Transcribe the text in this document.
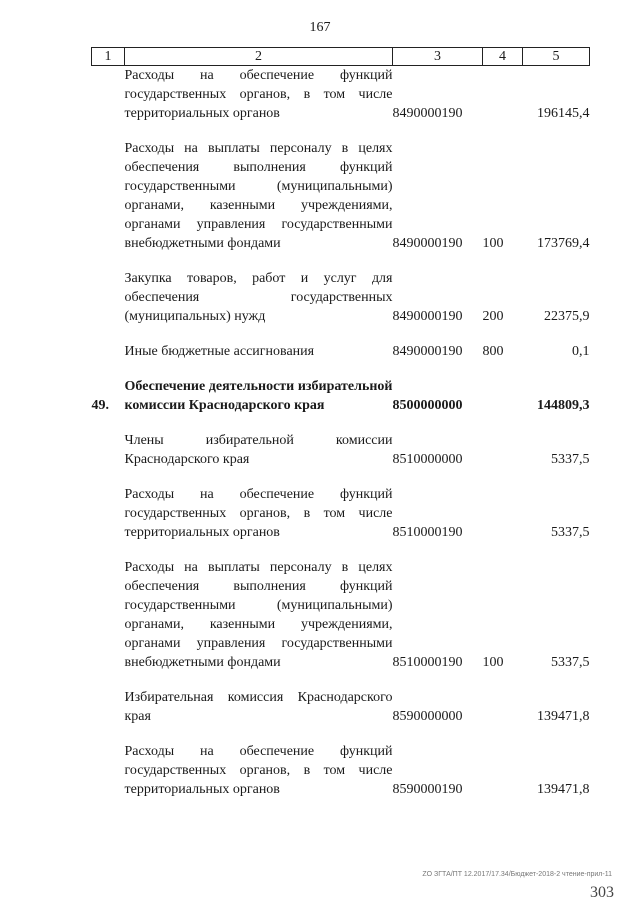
167
1	2	3	4	5
	Расходы на обеспечение функций государственных органов, в том числе территориальных органов	8490000190		196145,4

	Расходы на выплаты персоналу в целях обеспечения выполнения функций государственными (муниципальными) органами, казенными учреждениями, органами управления государственными внебюджетными фондами	8490000190	100	173769,4

	Закупка товаров, работ и услуг для обеспечения государственных (муниципальных) нужд	8490000190	200	22375,9

	Иные бюджетные ассигнования	8490000190	800	0,1

49.	Обеспечение деятельности избирательной комиссии Краснодарского края	8500000000		144809,3

	Члены избирательной комиссии Краснодарского края	8510000000		5337,5

	Расходы на обеспечение функций государственных органов, в том числе территориальных органов	8510000190		5337,5

	Расходы на выплаты персоналу в целях обеспечения выполнения функций государственными (муниципальными) органами, казенными учреждениями, органами управления государственными внебюджетными фондами	8510000190	100	5337,5

	Избирательная комиссия Краснодарского края	8590000000		139471,8

	Расходы на обеспечение функций государственных органов, в том числе территориальных органов	8590000190		139471,8
ZO ЗГТА/ПТ 12.2017/17.34/Бюджет-2018-2 чтение-прил-11
303
